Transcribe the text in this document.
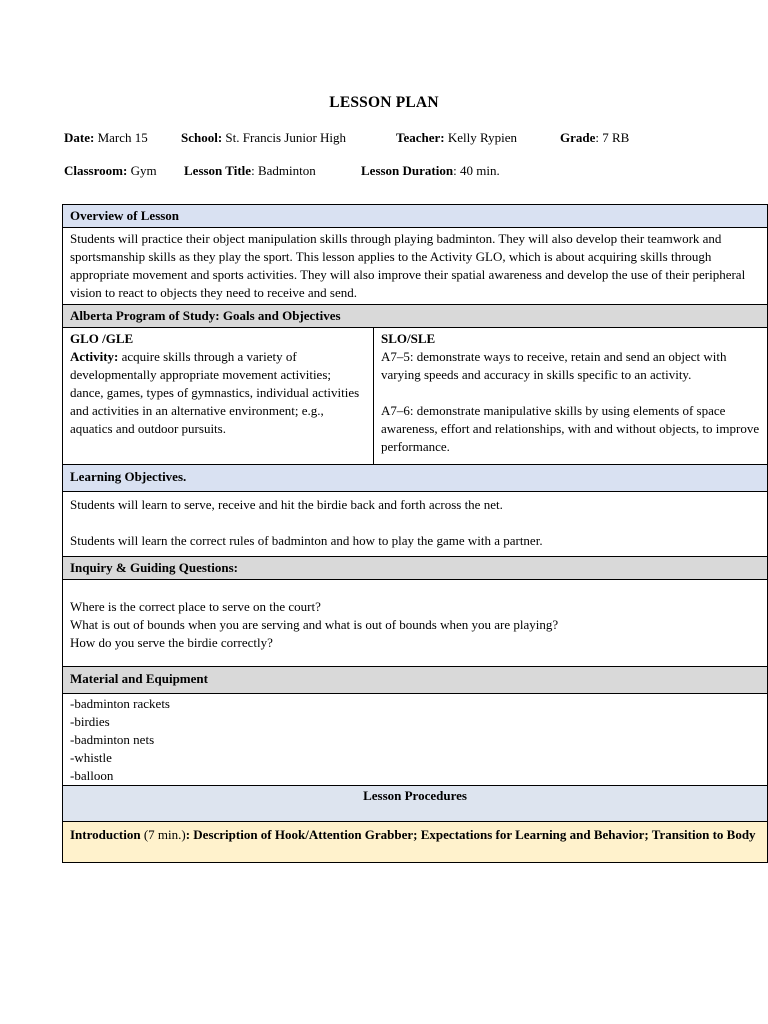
LESSON PLAN
Date: March 15	School: St. Francis Junior High	Teacher: Kelly Rypien	Grade: 7 RB
Classroom: Gym Lesson Title: Badminton	Lesson Duration: 40 min.
Overview of Lesson
Students will practice their object manipulation skills through playing badminton. They will also develop their teamwork and sportsmanship skills as they play the sport. This lesson applies to the Activity GLO, which is about acquiring skills through appropriate movement and sports activities. They will also improve their spatial awareness and develop the use of their peripheral vision to react to objects they need to receive and send.
Alberta Program of Study: Goals and Objectives

GLO /GLE

Activity: acquire skills through a variety of developmentally appropriate movement activities; dance, games, types of gymnastics, individual activities and activities in an alternative environment; e.g., aquatics and outdoor pursuits.

SLO/SLE

A7–5: demonstrate ways to receive, retain and send an object with varying speeds and accuracy in skills specific to an activity.

A7–6: demonstrate manipulative skills by using elements of space awareness, effort and relationships, with and without objects, to improve performance.

Learning Objectives.

Students will learn to serve, receive and hit the birdie back and forth across the net.

Students will learn the correct rules of badminton and how to play the game with a partner.

Inquiry & Guiding Questions:

Where is the correct place to serve on the court?

What is out of bounds when you are serving and what is out of bounds when you are playing?

How do you serve the birdie correctly?

Material and Equipment

-badminton rackets

-birdies

-badminton nets

-whistle

-balloon

Lesson Procedures
Introduction (7 min.): Description of Hook/Attention Grabber; Expectations for Learning and Behavior; Transition to Body
